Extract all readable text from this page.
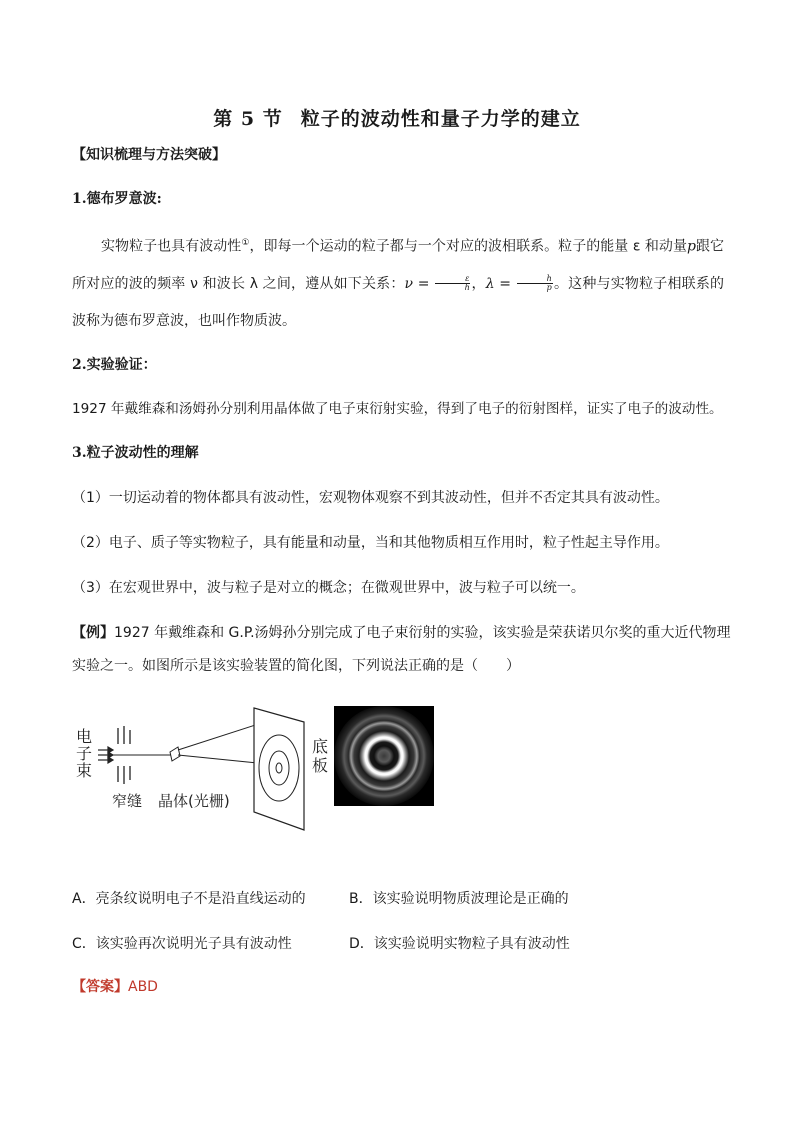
第 5 节 粒子的波动性和量子力学的建立
【知识梳理与方法突破】
1.德布罗意波:
实物粒子也具有波动性①，即每一个运动的粒子都与一个对应的波相联系。粒子的能量 ε 和动量p跟它所对应的波的频率 ν 和波长 λ 之间，遵从如下关系：$\nu = \frac{\varepsilon}{h}$ ，$\lambda = \frac{h}{p}$ 。这种与实物粒子相联系的波称为德布罗意波，也叫作物质波。
2.实验验证：
1927 年戴维森和汤姆孙分别利用晶体做了电子束衍射实验，得到了电子的衍射图样，证实了电子的波动性。
3.粒子波动性的理解
（1）一切运动着的物体都具有波动性，宏观物体观察不到其波动性，但并不否定其具有波动性。
（2）电子、质子等实物粒子，具有能量和动量，当和其他物质相互作用时，粒子性起主导作用。
（3）在宏观世界中，波与粒子是对立的概念；在微观世界中，波与粒子可以统一。
【例】1927 年戴维森和 G.P.汤姆孙分别完成了电子束衍射的实验，该实验是荣获诺贝尔奖的重大近代物理
实验之一。如图所示是该实验装置的简化图，下列说法正确的是（　　）
电
子
束
底
板
窄缝 晶体(光栅)
A．亮条纹说明电子不是沿直线运动的	B．该实验说明物质波理论是正确的
C．该实验再次说明光子具有波动性	D．该实验说明实物粒子具有波动性
【答案】ABD
